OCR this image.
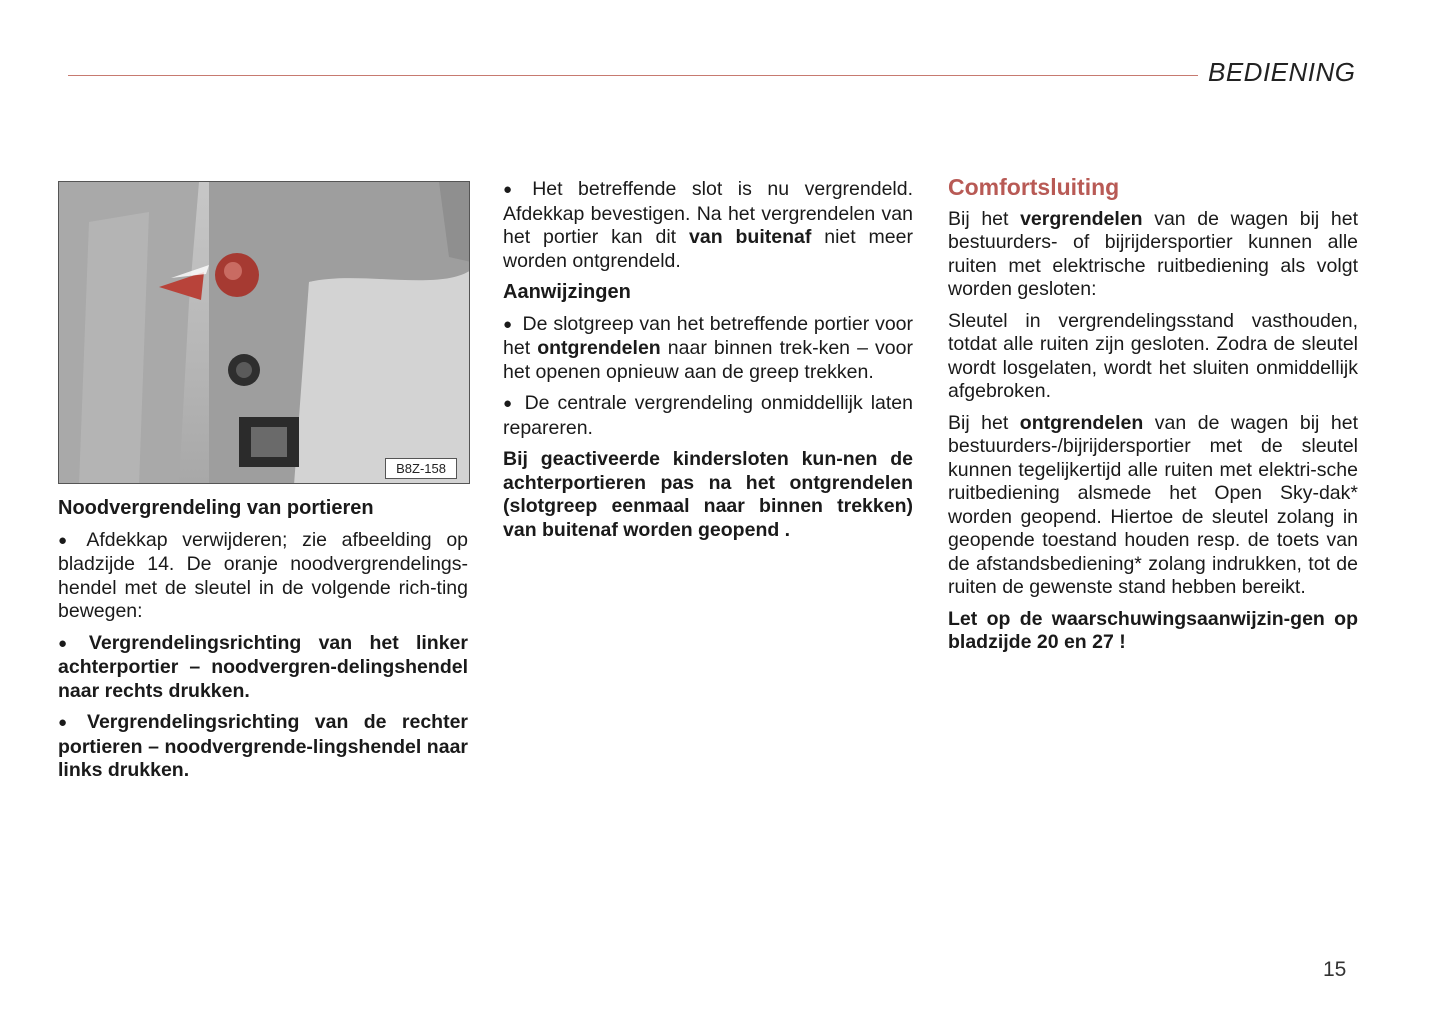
BEDIENING
B8Z-158

Noodvergrendeling van portieren

● Afdekkap verwijderen; zie afbeelding op bladzijde 14. De oranje noodvergrendelings-hendel met de sleutel in de volgende rich-ting bewegen:

● Vergrendelingsrichting van het linker achterportier – noodvergren-delingshendel naar rechts drukken.

● Vergrendelingsrichting van de rechter portieren – noodvergrende-lingshendel naar links drukken.

● Het betreffende slot is nu vergrendeld. Afdekkap bevestigen. Na het vergrendelen van het portier kan dit van buitenaf niet meer worden ontgrendeld.

Aanwijzingen

● De slotgreep van het betreffende portier voor het ontgrendelen naar binnen trek-ken – voor het openen opnieuw aan de greep trekken.

● De centrale vergrendeling onmiddellijk laten repareren.

Bij geactiveerde kindersloten kun-nen de achterportieren pas na het ontgrendelen (slotgreep eenmaal naar binnen trekken) van buitenaf worden geopend .

Comfortsluiting

Bij het vergrendelen van de wagen bij het bestuurders- of bijrijdersportier kunnen alle ruiten met elektrische ruitbediening als volgt worden gesloten:

Sleutel in vergrendelingsstand vasthouden, totdat alle ruiten zijn gesloten. Zodra de sleutel wordt losgelaten, wordt het sluiten onmiddellijk afgebroken.

Bij het ontgrendelen van de wagen bij het bestuurders-/bijrijdersportier met de sleutel kunnen tegelijkertijd alle ruiten met elektri-sche ruitbediening alsmede het Open Sky-dak* worden geopend. Hiertoe de sleutel zolang in geopende toestand houden resp. de toets van de afstandsbediening* zolang indrukken, tot de ruiten de gewenste stand hebben bereikt.

Let op de waarschuwingsaanwijzin-gen op bladzijde 20 en 27 !

15
